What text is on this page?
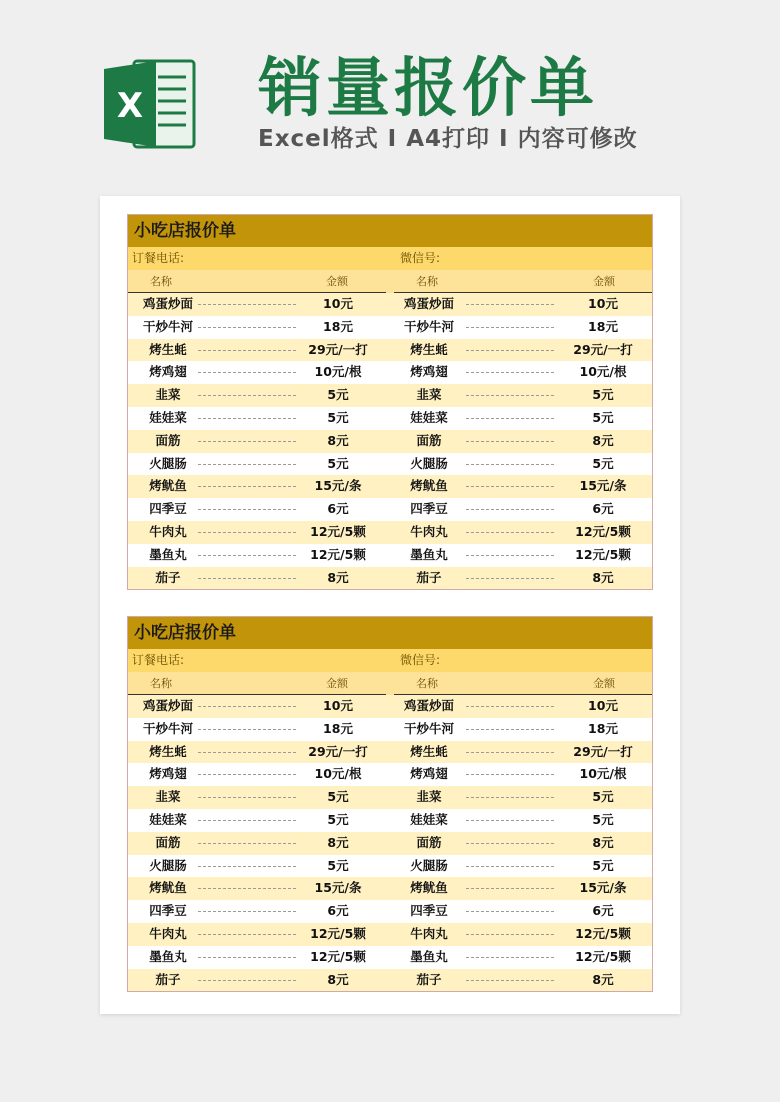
X 销量报价单
Excel格式 I A4打印 I 内容可修改
小吃店报价单
订餐电话:	微信号:
名称	金额	名称	金额
鸡蛋炒面	10元	鸡蛋炒面	10元
干炒牛河	18元	干炒牛河	18元
烤生蚝	29元/一打	烤生蚝	29元/一打
烤鸡翅	10元/根	烤鸡翅	10元/根
韭菜	5元	韭菜	5元
娃娃菜	5元	娃娃菜	5元
面筋	8元	面筋	8元
火腿肠	5元	火腿肠	5元
烤鱿鱼	15元/条	烤鱿鱼	15元/条
四季豆	6元	四季豆	6元
牛肉丸	12元/5颗	牛肉丸	12元/5颗
墨鱼丸	12元/5颗	墨鱼丸	12元/5颗
茄子	8元	茄子	8元
小吃店报价单
订餐电话:	微信号:
名称	金额	名称	金额
鸡蛋炒面	10元	鸡蛋炒面	10元
干炒牛河	18元	干炒牛河	18元
烤生蚝	29元/一打	烤生蚝	29元/一打
烤鸡翅	10元/根	烤鸡翅	10元/根
韭菜	5元	韭菜	5元
娃娃菜	5元	娃娃菜	5元
面筋	8元	面筋	8元
火腿肠	5元	火腿肠	5元
烤鱿鱼	15元/条	烤鱿鱼	15元/条
四季豆	6元	四季豆	6元
牛肉丸	12元/5颗	牛肉丸	12元/5颗
墨鱼丸	12元/5颗	墨鱼丸	12元/5颗
茄子	8元	茄子	8元
